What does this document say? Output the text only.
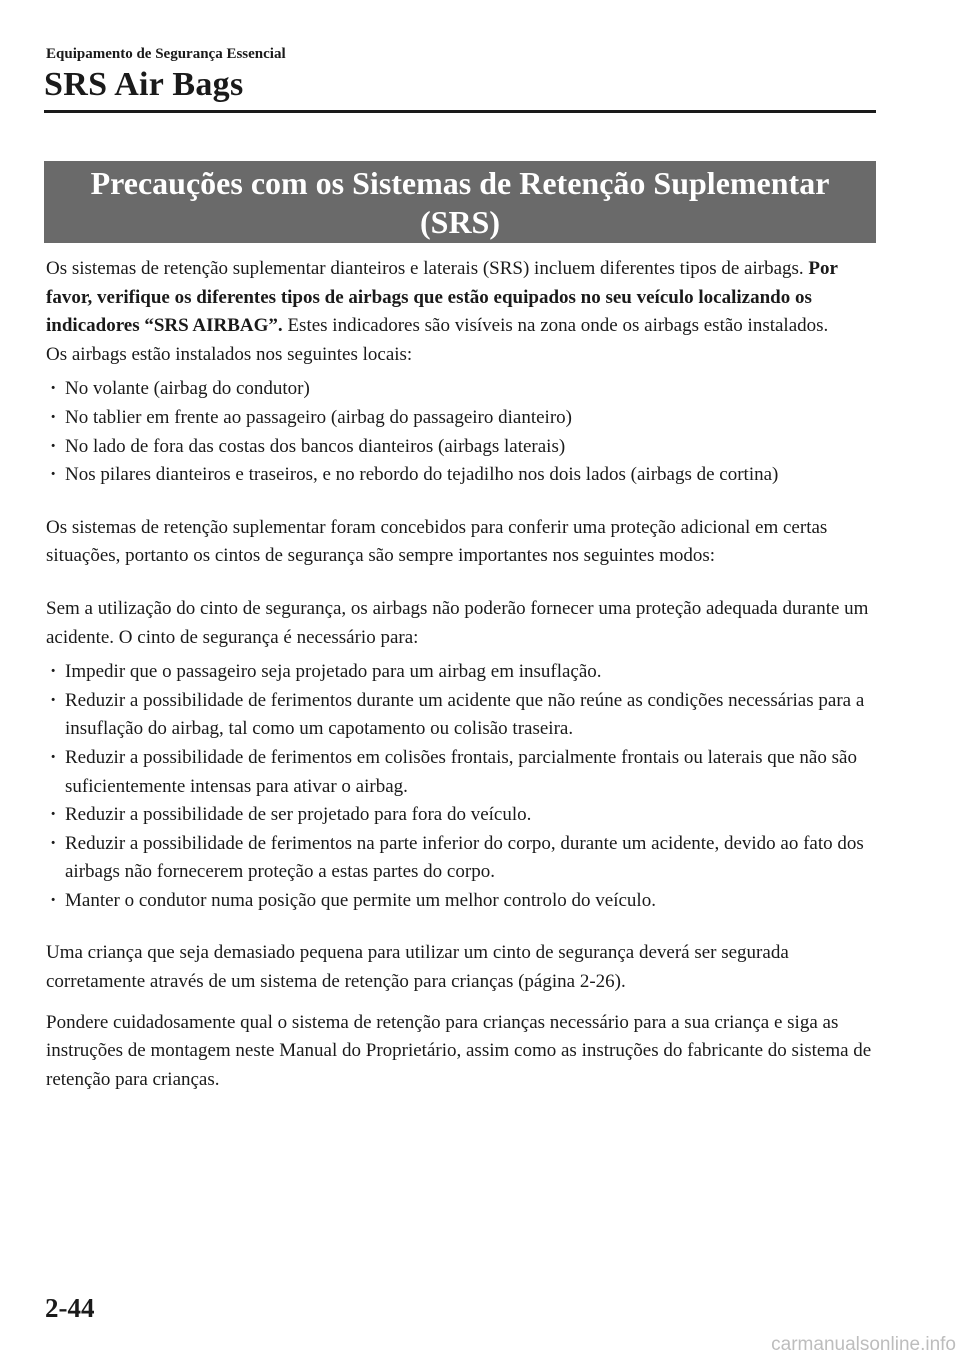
Equipamento de Segurança Essencial
SRS Air Bags
Precauções com os Sistemas de Retenção Suplementar
(SRS)

Os sistemas de retenção suplementar dianteiros e laterais (SRS) incluem diferentes tipos de airbags. Por favor, verifique os diferentes tipos de airbags que estão equipados no seu veículo localizando os indicadores “SRS AIRBAG”. Estes indicadores são visíveis na zona onde os airbags estão instalados.

Os airbags estão instalados nos seguintes locais:

· No volante (airbag do condutor)
· No tablier em frente ao passageiro (airbag do passageiro dianteiro)
· No lado de fora das costas dos bancos dianteiros (airbags laterais)
· Nos pilares dianteiros e traseiros, e no rebordo do tejadilho nos dois lados (airbags de cortina)

Os sistemas de retenção suplementar foram concebidos para conferir uma proteção adicional em certas situações, portanto os cintos de segurança são sempre importantes nos seguintes modos:

Sem a utilização do cinto de segurança, os airbags não poderão fornecer uma proteção adequada durante um acidente. O cinto de segurança é necessário para:

· Impedir que o passageiro seja projetado para um airbag em insuflação.
· Reduzir a possibilidade de ferimentos durante um acidente que não reúne as condições necessárias para a insuflação do airbag, tal como um capotamento ou colisão traseira.
· Reduzir a possibilidade de ferimentos em colisões frontais, parcialmente frontais ou laterais que não são suficientemente intensas para ativar o airbag.
· Reduzir a possibilidade de ser projetado para fora do veículo.
· Reduzir a possibilidade de ferimentos na parte inferior do corpo, durante um acidente, devido ao fato dos airbags não fornecerem proteção a estas partes do corpo.
· Manter o condutor numa posição que permite um melhor controlo do veículo.

Uma criança que seja demasiado pequena para utilizar um cinto de segurança deverá ser segurada corretamente através de um sistema de retenção para crianças (página 2-26).

Pondere cuidadosamente qual o sistema de retenção para crianças necessário para a sua criança e siga as instruções de montagem neste Manual do Proprietário, assim como as instruções do fabricante do sistema de retenção para crianças.

2-44
carmanualsonline.info
